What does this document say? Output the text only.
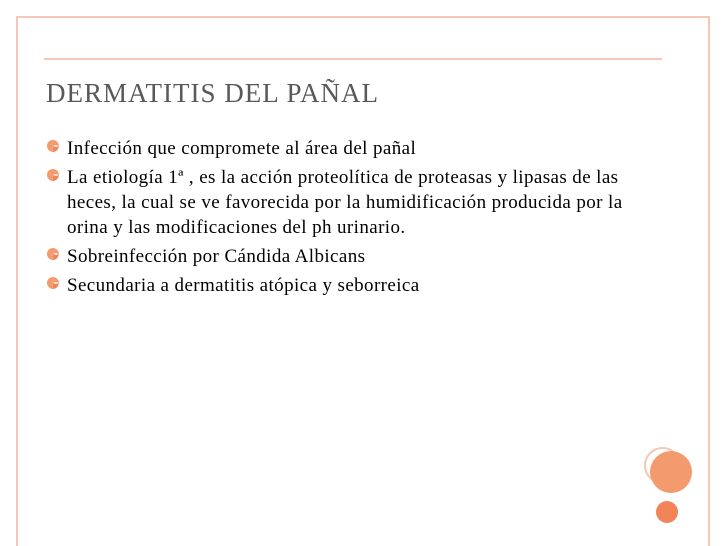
DERMATITIS DEL PAÑAL
Infección que compromete al área del pañal
La etiología 1ª , es la acción proteolítica de proteasas y lipasas de las heces, la cual se ve favorecida por la humidificación producida por la orina y las modificaciones del ph urinario.
Sobreinfección por Cándida Albicans
Secundaria a dermatitis atópica y seborreica
